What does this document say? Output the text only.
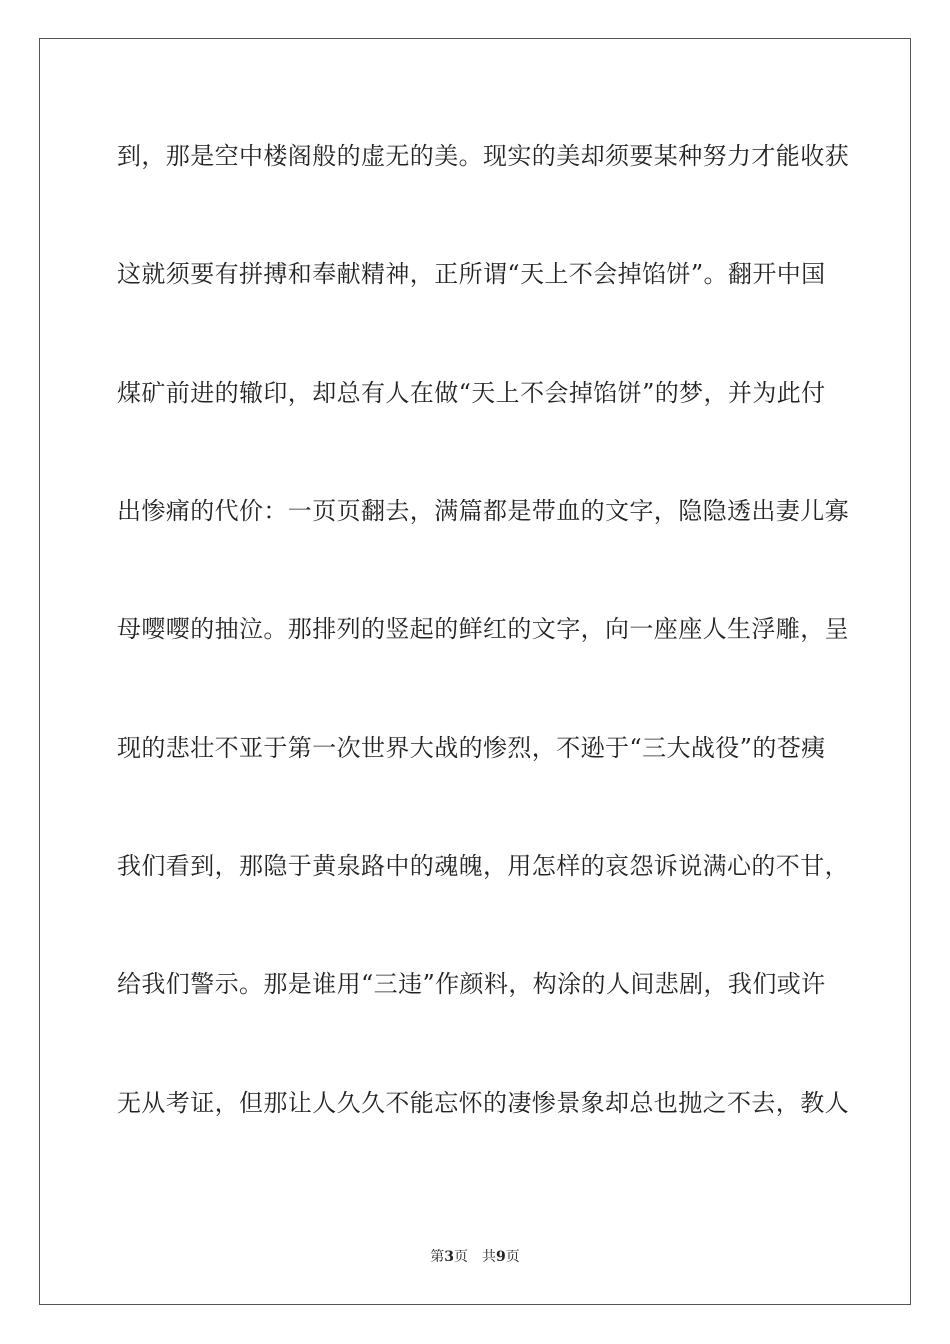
到，那是空中楼阁般的虚无的美。现实的美却须要某种努力才能收获
这就须要有拼搏和奉献精神，正所谓“天上不会掉馅饼”。翻开中国
煤矿前进的辙印，却总有人在做“天上不会掉馅饼”的梦，并为此付
出惨痛的代价：一页页翻去，满篇都是带血的文字，隐隐透出妻儿寡
母嘤嘤的抽泣。那排列的竖起的鲜红的文字，向一座座人生浮雕，呈
现的悲壮不亚于第一次世界大战的惨烈，不逊于“三大战役”的苍痍
我们看到，那隐于黄泉路中的魂魄，用怎样的哀怨诉说满心的不甘，
给我们警示。那是谁用“三违”作颜料，构涂的人间悲剧，我们或许
无从考证，但那让人久久不能忘怀的凄惨景象却总也抛之不去，教人
第3页 共9页
